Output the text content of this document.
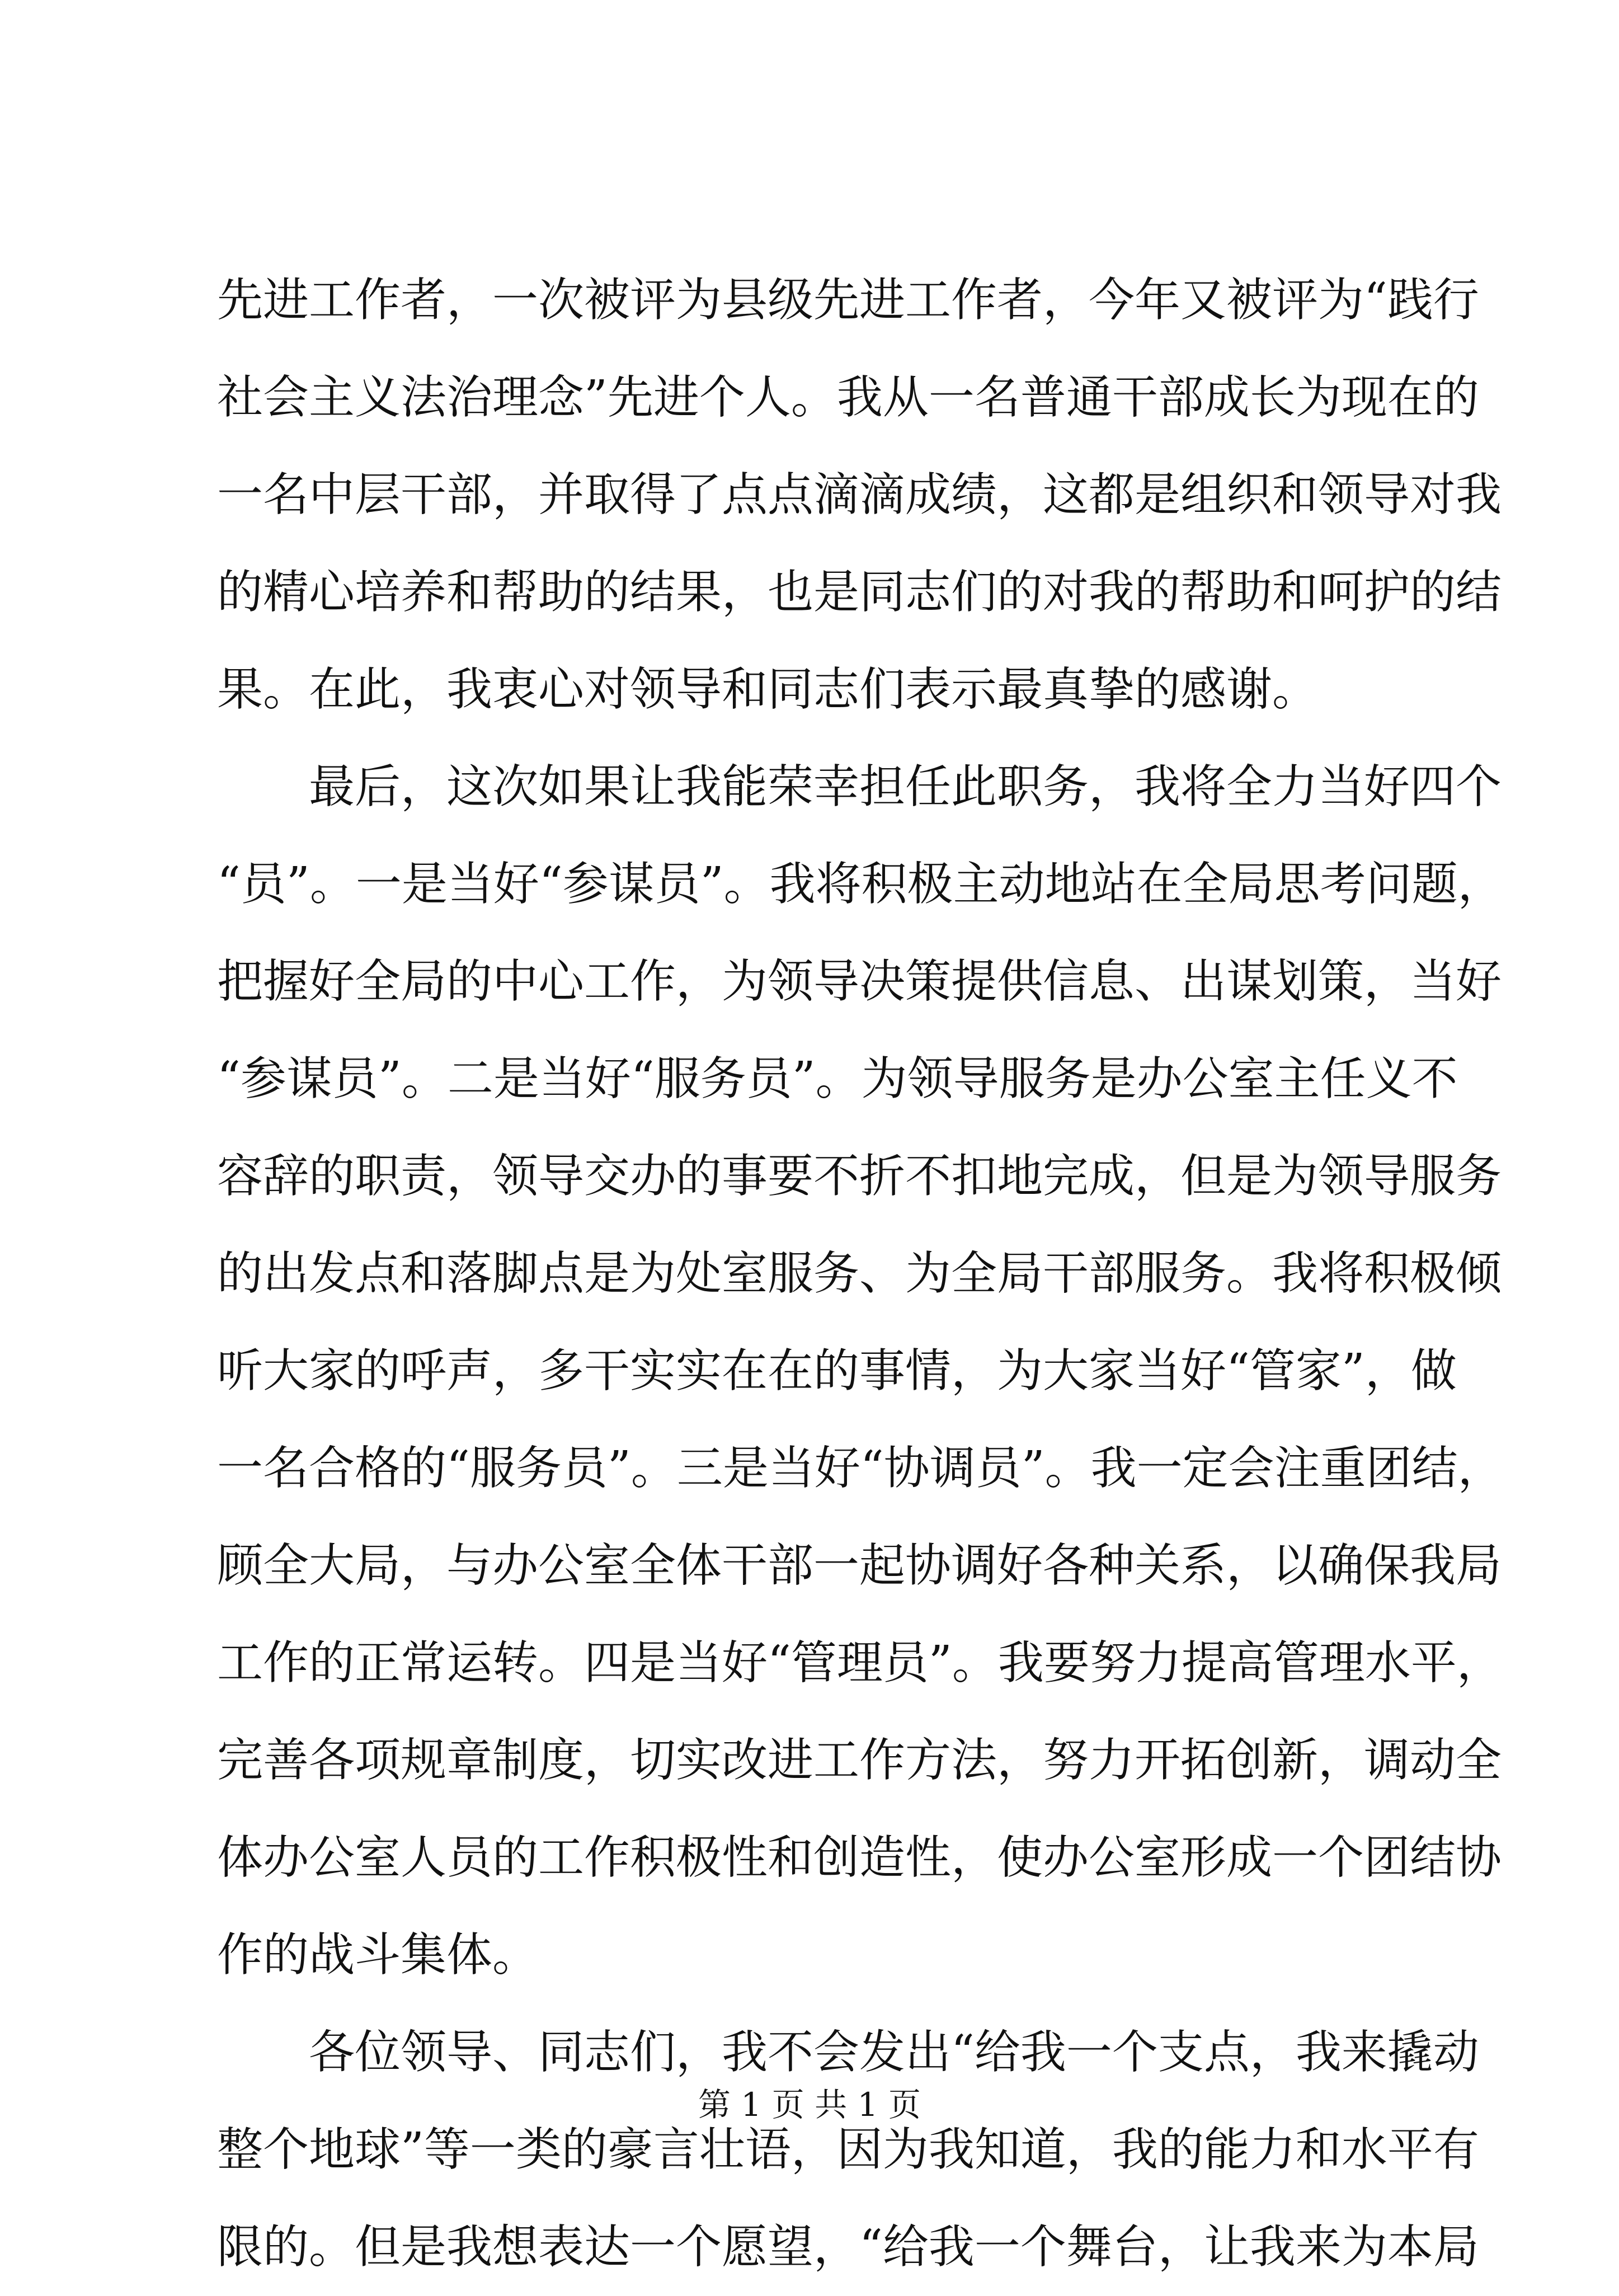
先进工作者，一次被评为县级先进工作者，今年又被评为“践行
社会主义法治理念”先进个人。我从一名普通干部成长为现在的
一名中层干部，并取得了点点滴滴成绩，这都是组织和领导对我
的精心培养和帮助的结果，也是同志们的对我的帮助和呵护的结
果。在此，我衷心对领导和同志们表示最真挚的感谢。
最后，这次如果让我能荣幸担任此职务，我将全力当好四个
“员”。一是当好“参谋员”。我将积极主动地站在全局思考问题，
把握好全局的中心工作，为领导决策提供信息、出谋划策，当好
“参谋员”。二是当好“服务员”。为领导服务是办公室主任义不
容辞的职责，领导交办的事要不折不扣地完成，但是为领导服务
的出发点和落脚点是为处室服务、为全局干部服务。我将积极倾
听大家的呼声，多干实实在在的事情，为大家当好“管家”，做
一名合格的“服务员”。三是当好“协调员”。我一定会注重团结，
顾全大局，与办公室全体干部一起协调好各种关系，以确保我局
工作的正常运转。四是当好“管理员”。我要努力提高管理水平，
完善各项规章制度，切实改进工作方法，努力开拓创新，调动全
体办公室人员的工作积极性和创造性，使办公室形成一个团结协
作的战斗集体。
各位领导、同志们，我不会发出“给我一个支点，我来撬动
整个地球”等一类的豪言壮语，因为我知道，我的能力和水平有
限的。但是我想表达一个愿望，“给我一个舞台，让我来为本局
第 1 页 共 1 页
